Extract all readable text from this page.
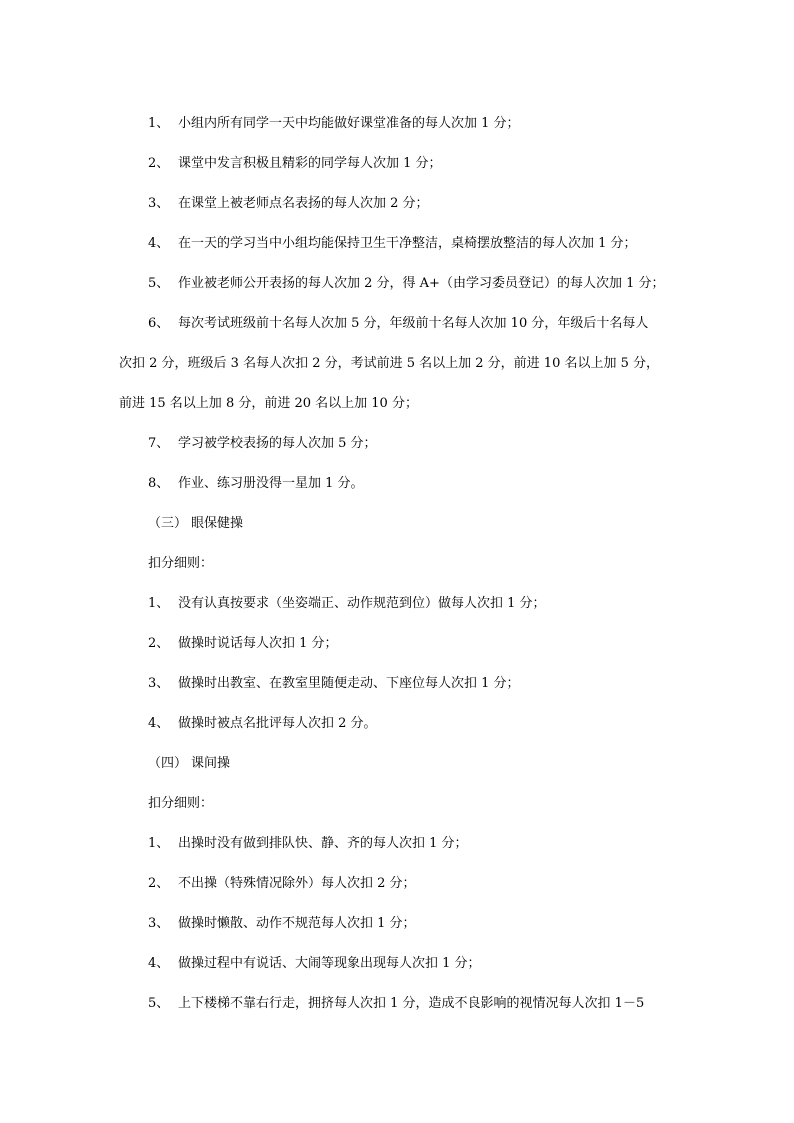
1、 小组内所有同学一天中均能做好课堂准备的每人次加 1 分；
2、 课堂中发言积极且精彩的同学每人次加 1 分；
3、 在课堂上被老师点名表扬的每人次加 2 分；
4、 在一天的学习当中小组均能保持卫生干净整洁，桌椅摆放整洁的每人次加 1 分；
5、 作业被老师公开表扬的每人次加 2 分，得 A+（由学习委员登记）的每人次加 1 分；
6、 每次考试班级前十名每人次加 5 分，年级前十名每人次加 10 分，年级后十名每人
次扣 2 分，班级后 3 名每人次扣 2 分，考试前进 5 名以上加 2 分，前进 10 名以上加 5 分，
前进 15 名以上加 8 分，前进 20 名以上加 10 分；
7、 学习被学校表扬的每人次加 5 分；
8、 作业、练习册没得一星加 1 分。
（三） 眼保健操
扣分细则：
1、 没有认真按要求（坐姿端正、动作规范到位）做每人次扣 1 分；
2、 做操时说话每人次扣 1 分；
3、 做操时出教室、在教室里随便走动、下座位每人次扣 1 分；
4、 做操时被点名批评每人次扣 2 分。
（四） 课间操
扣分细则：
1、 出操时没有做到排队快、静、齐的每人次扣 1 分；
2、 不出操（特殊情况除外）每人次扣 2 分；
3、 做操时懒散、动作不规范每人次扣 1 分；
4、 做操过程中有说话、大闹等现象出现每人次扣 1 分；
5、 上下楼梯不靠右行走，拥挤每人次扣 1 分，造成不良影响的视情况每人次扣 1－5
